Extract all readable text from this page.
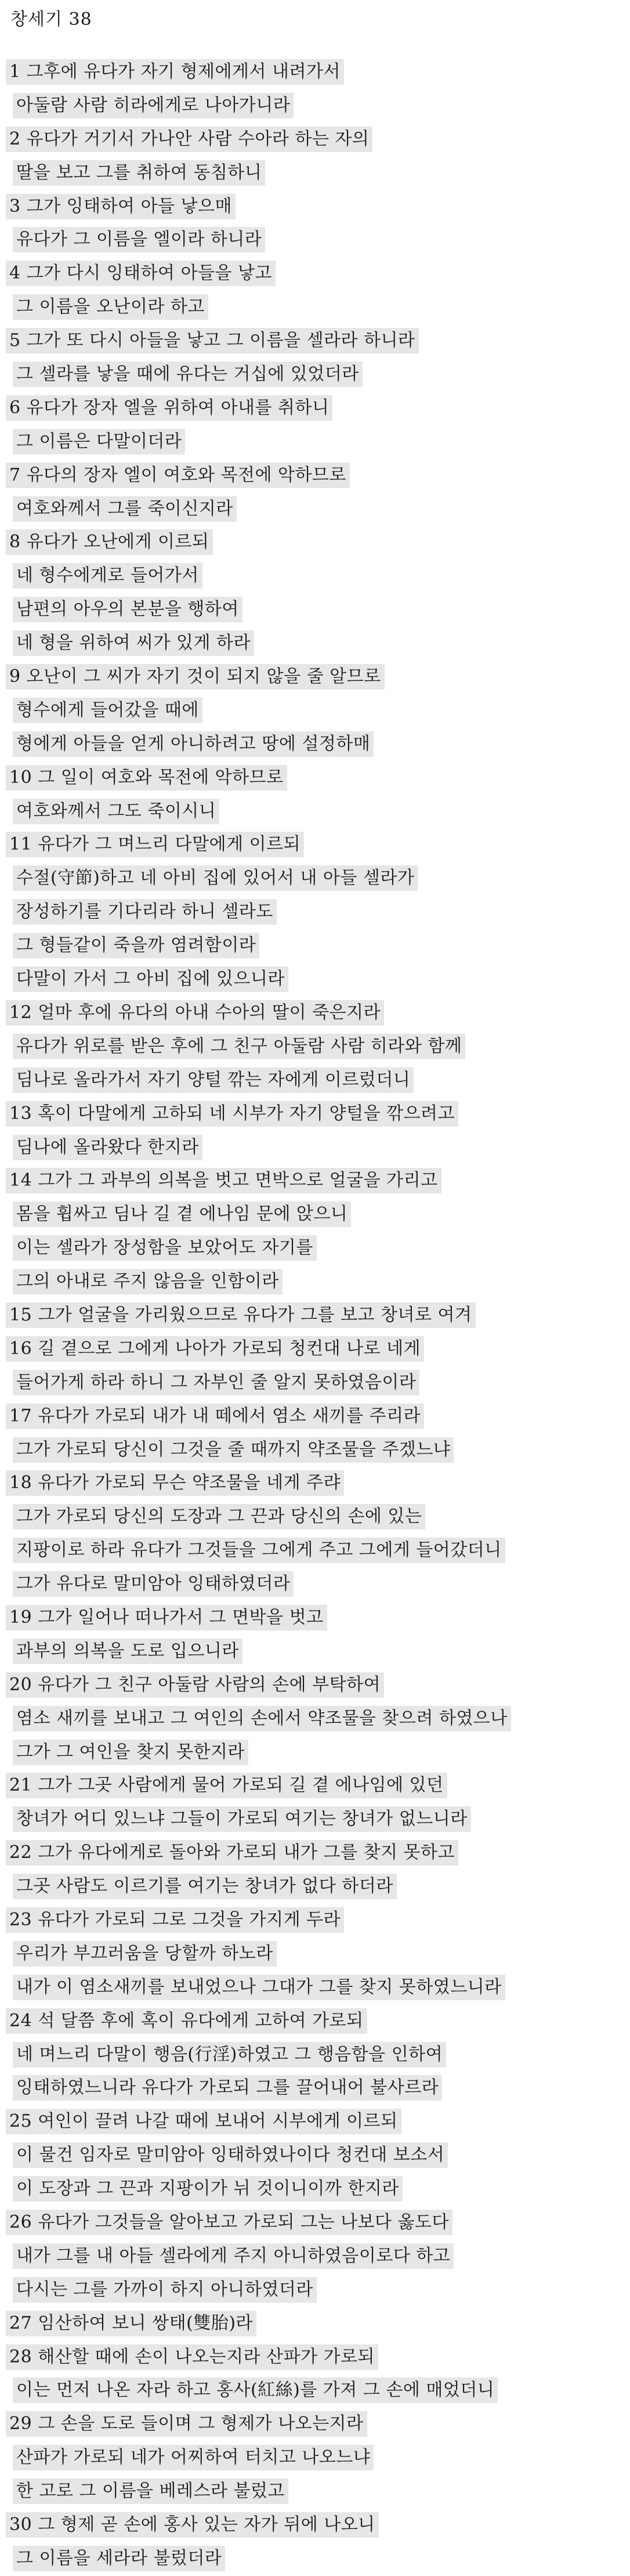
창세기 38
1 그후에 유다가 자기 형제에게서 내려가서
아둘람 사람 히라에게로 나아가니라
2 유다가 거기서 가나안 사람 수아라 하는 자의
딸을 보고 그를 취하여 동침하니
3 그가 잉태하여 아들 낳으매
유다가 그 이름을 엘이라 하니라
4 그가 다시 잉태하여 아들을 낳고
그 이름을 오난이라 하고
5 그가 또 다시 아들을 낳고 그 이름을 셀라라 하니라
그 셀라를 낳을 때에 유다는 거십에 있었더라
6 유다가 장자 엘을 위하여 아내를 취하니
그 이름은 다말이더라
7 유다의 장자 엘이 여호와 목전에 악하므로
여호와께서 그를 죽이신지라
8 유다가 오난에게 이르되
네 형수에게로 들어가서
남편의 아우의 본분을 행하여
네 형을 위하여 씨가 있게 하라
9 오난이 그 씨가 자기 것이 되지 않을 줄 알므로
형수에게 들어갔을 때에
형에게 아들을 얻게 아니하려고 땅에 설정하매
10 그 일이 여호와 목전에 악하므로
여호와께서 그도 죽이시니
11 유다가 그 며느리 다말에게 이르되
수절(守節)하고 네 아비 집에 있어서 내 아들 셀라가
장성하기를 기다리라 하니 셀라도
그 형들같이 죽을까 염려함이라
다말이 가서 그 아비 집에 있으니라
12 얼마 후에 유다의 아내 수아의 딸이 죽은지라
유다가 위로를 받은 후에 그 친구 아둘람 사람 히라와 함께
딤나로 올라가서 자기 양털 깎는 자에게 이르렀더니
13 혹이 다말에게 고하되 네 시부가 자기 양털을 깎으려고
딤나에 올라왔다 한지라
14 그가 그 과부의 의복을 벗고 면박으로 얼굴을 가리고
몸을 휩싸고 딤나 길 곁 에나임 문에 앉으니
이는 셀라가 장성함을 보았어도 자기를
그의 아내로 주지 않음을 인함이라
15 그가 얼굴을 가리웠으므로 유다가 그를 보고 창녀로 여겨
16 길 곁으로 그에게 나아가 가로되 청컨대 나로 네게
들어가게 하라 하니 그 자부인 줄 알지 못하였음이라
17 유다가 가로되 내가 내 떼에서 염소 새끼를 주리라
그가 가로되 당신이 그것을 줄 때까지 약조물을 주겠느냐
18 유다가 가로되 무슨 약조물을 네게 주랴
그가 가로되 당신의 도장과 그 끈과 당신의 손에 있는
지팡이로 하라 유다가 그것들을 그에게 주고 그에게 들어갔더니
그가 유다로 말미암아 잉태하였더라
19 그가 일어나 떠나가서 그 면박을 벗고
과부의 의복을 도로 입으니라
20 유다가 그 친구 아둘람 사람의 손에 부탁하여
염소 새끼를 보내고 그 여인의 손에서 약조물을 찾으려 하였으나
그가 그 여인을 찾지 못한지라
21 그가 그곳 사람에게 물어 가로되 길 곁 에나임에 있던
창녀가 어디 있느냐 그들이 가로되 여기는 창녀가 없느니라
22 그가 유다에게로 돌아와 가로되 내가 그를 찾지 못하고
그곳 사람도 이르기를 여기는 창녀가 없다 하더라
23 유다가 가로되 그로 그것을 가지게 두라
우리가 부끄러움을 당할까 하노라
내가 이 염소새끼를 보내었으나 그대가 그를 찾지 못하였느니라
24 석 달쯤 후에 혹이 유다에게 고하여 가로되
네 며느리 다말이 행음(行淫)하였고 그 행음함을 인하여
잉태하였느니라 유다가 가로되 그를 끌어내어 불사르라
25 여인이 끌려 나갈 때에 보내어 시부에게 이르되
이 물건 임자로 말미암아 잉태하였나이다 청컨대 보소서
이 도장과 그 끈과 지팡이가 뉘 것이니이까 한지라
26 유다가 그것들을 알아보고 가로되 그는 나보다 옳도다
내가 그를 내 아들 셀라에게 주지 아니하였음이로다 하고
다시는 그를 가까이 하지 아니하였더라
27 임산하여 보니 쌍태(雙胎)라
28 해산할 때에 손이 나오는지라 산파가 가로되
이는 먼저 나온 자라 하고 홍사(紅絲)를 가져 그 손에 매었더니
29 그 손을 도로 들이며 그 형제가 나오는지라
산파가 가로되 네가 어찌하여 터치고 나오느냐
한 고로 그 이름을 베레스라 불렀고
30 그 형제 곧 손에 홍사 있는 자가 뒤에 나오니
그 이름을 세라라 불렀더라
